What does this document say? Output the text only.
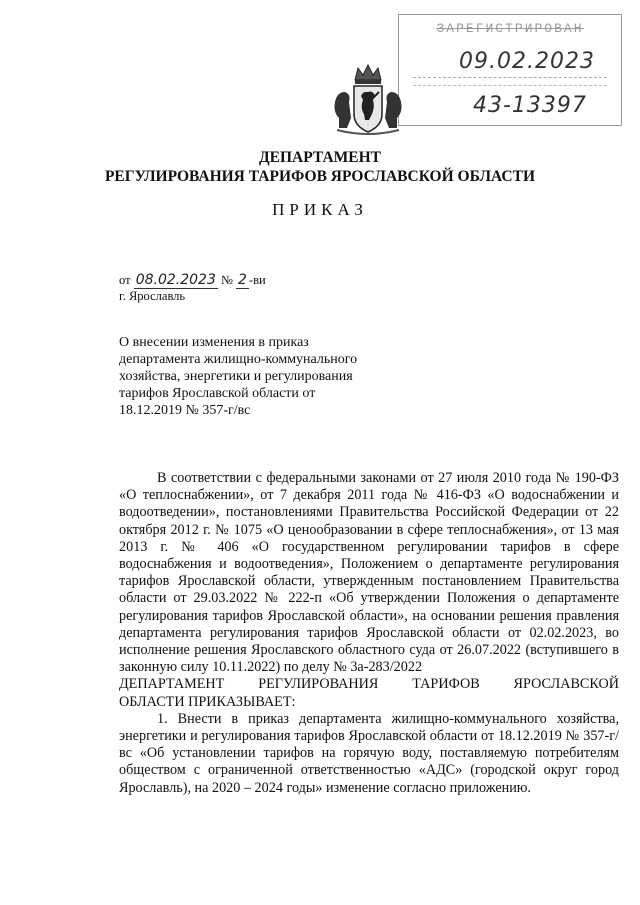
ЗАРЕГИСТРИРОВАН
09.02.2023
43-13397
ДЕПАРТАМЕНТ
РЕГУЛИРОВАНИЯ ТАРИФОВ ЯРОСЛАВСКОЙ ОБЛАСТИ
ПРИКАЗ
от 08.02.2023 № 2 -ви
г. Ярославль
О внесении изменения в приказ департамента жилищно-коммунального хозяйства, энергетики и регулирования тарифов Ярославской области от 18.12.2019 № 357-г/вс

В соответствии с федеральными законами от 27 июля 2010 года № 190-ФЗ «О теплоснабжении», от 7 декабря 2011 года № 416-ФЗ «О водоснабжении и водоотведении», постановлениями Правительства Российской Федерации от 22 октября 2012 г. № 1075 «О ценообразовании в сфере теплоснабжения», от 13 мая 2013 г. № 406 «О государственном регулировании тарифов в сфере водоснабжения и водоотведения», Положением о департаменте регулирования тарифов Ярославской области, утвержденным постановлением Правительства области от 29.03.2022 № 222-п «Об утверждении Положения о департаменте регулирования тарифов Ярославской области», на основании решения правления департамента регулирования тарифов Ярославской области от 02.02.2023, во исполнение решения Ярославского областного суда от 26.07.2022 (вступившего в законную силу 10.11.2022) по делу № 3а-283/2022

ДЕПАРТАМЕНТ РЕГУЛИРОВАНИЯ ТАРИФОВ ЯРОСЛАВСКОЙ
ОБЛАСТИ ПРИКАЗЫВАЕТ:

1. Внести в приказ департамента жилищно-коммунального хозяйства, энергетики и регулирования тарифов Ярославской области от 18.12.2019 № 357-г/вс «Об установлении тарифов на горячую воду, поставляемую потребителям обществом с ограниченной ответственностью «АДС» (городской округ город Ярославль), на 2020 – 2024 годы» изменение согласно приложению.
